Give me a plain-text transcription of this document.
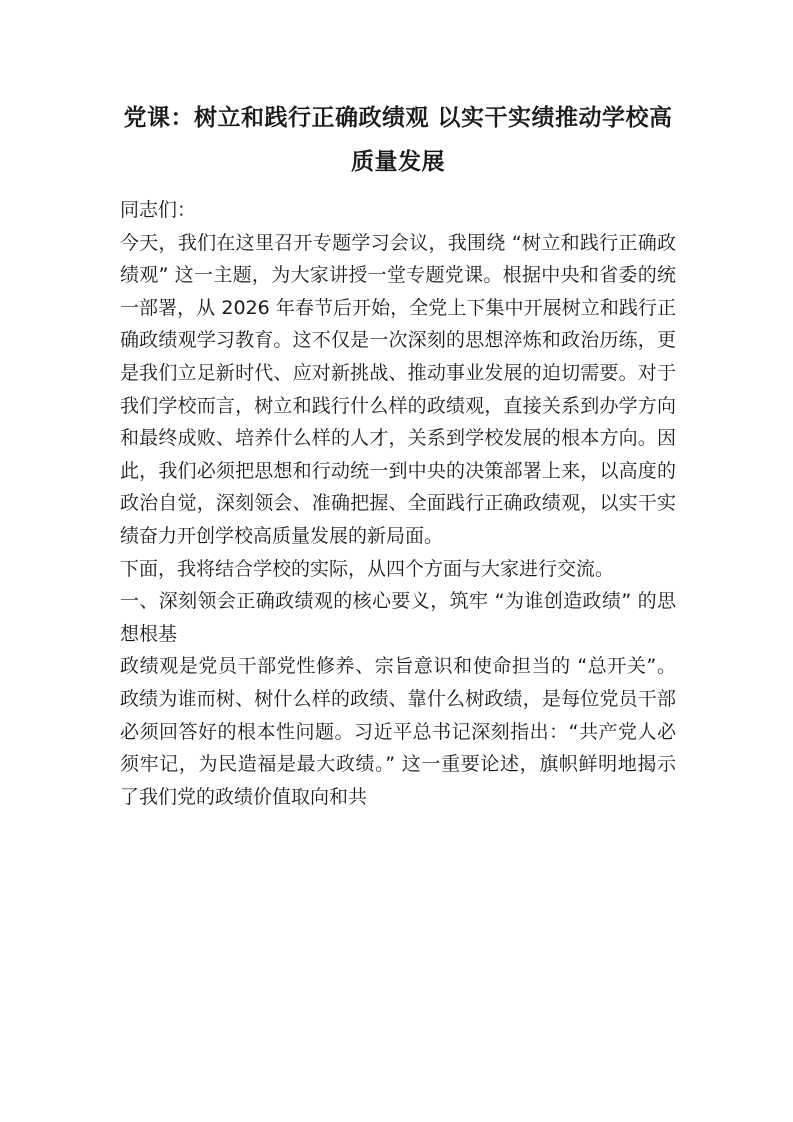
党课：树立和践行正确政绩观 以实干实绩推动学校高质量发展

同志们：

今天，我们在这里召开专题学习会议，我围绕 “树立和践行正确政绩观” 这一主题，为大家讲授一堂专题党课。根据中央和省委的统一部署，从 2026 年春节后开始，全党上下集中开展树立和践行正确政绩观学习教育。这不仅是一次深刻的思想淬炼和政治历练，更是我们立足新时代、应对新挑战、推动事业发展的迫切需要。对于我们学校而言，树立和践行什么样的政绩观，直接关系到办学方向和最终成败、培养什么样的人才，关系到学校发展的根本方向。因此，我们必须把思想和行动统一到中央的决策部署上来，以高度的政治自觉，深刻领会、准确把握、全面践行正确政绩观，以实干实绩奋力开创学校高质量发展的新局面。

下面，我将结合学校的实际，从四个方面与大家进行交流。

一、深刻领会正确政绩观的核心要义，筑牢 “为谁创造政绩” 的思想根基

政绩观是党员干部党性修养、宗旨意识和使命担当的 “总开关”。政绩为谁而树、树什么样的政绩、靠什么树政绩，是每位党员干部必须回答好的根本性问题。习近平总书记深刻指出：“共产党人必须牢记，为民造福是最大政绩。” 这一重要论述，旗帜鲜明地揭示了我们党的政绩价值取向和共
